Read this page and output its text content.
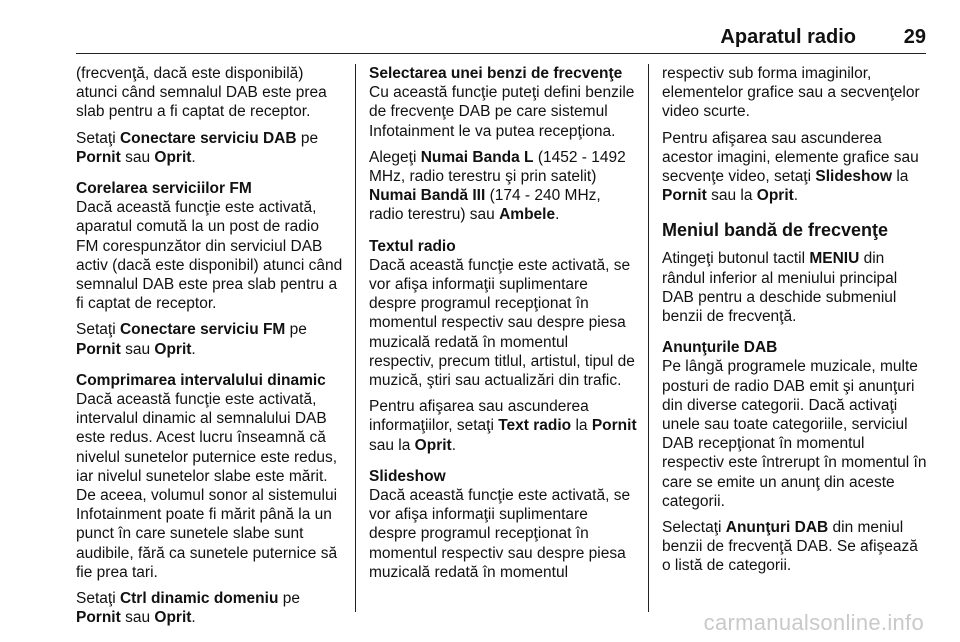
Aparatul radio 29

(frecvenţă, dacă este disponibilă) atunci când semnalul DAB este prea slab pentru a fi captat de receptor.

Setaţi Conectare serviciu DAB pe Pornit sau Oprit.

Corelarea serviciilor FM

Dacă această funcţie este activată, aparatul comută la un post de radio FM corespunzător din serviciul DAB activ (dacă este disponibil) atunci când semnalul DAB este prea slab pentru a fi captat de receptor.

Setaţi Conectare serviciu FM pe Pornit sau Oprit.

Comprimarea intervalului dinamic

Dacă această funcţie este activată, intervalul dinamic al semnalului DAB este redus. Acest lucru înseamnă că nivelul sunetelor puternice este redus, iar nivelul sunetelor slabe este mărit. De aceea, volumul sonor al sistemului Infotainment poate fi mărit până la un punct în care sunetele slabe sunt audibile, fără ca sunetele puternice să fie prea tari.

Setaţi Ctrl dinamic domeniu pe Pornit sau Oprit.

Selectarea unei benzi de frecvenţe

Cu această funcţie puteţi defini benzile de frecvenţe DAB pe care sistemul Infotainment le va putea recepţiona.

Alegeţi Numai Banda L (1452 - 1492 MHz, radio terestru şi prin satelit) Numai Bandă III (174 - 240 MHz, radio terestru) sau Ambele.

Textul radio

Dacă această funcţie este activată, se vor afişa informaţii suplimentare despre programul recepţionat în momentul respectiv sau despre piesa muzicală redată în momentul respectiv, precum titlul, artistul, tipul de muzică, ştiri sau actualizări din trafic.

Pentru afişarea sau ascunderea informaţiilor, setaţi Text radio la Pornit sau la Oprit.

Slideshow

Dacă această funcţie este activată, se vor afişa informaţii suplimentare despre programul recepţionat în momentul respectiv sau despre piesa muzicală redată în momentul

respectiv sub forma imaginilor, elementelor grafice sau a secvenţelor video scurte.

Pentru afişarea sau ascunderea acestor imagini, elemente grafice sau secvenţe video, setaţi Slideshow la Pornit sau la Oprit.

Meniul bandă de frecvenţe

Atingeţi butonul tactil MENIU din rândul inferior al meniului principal DAB pentru a deschide submeniul benzii de frecvenţă.

Anunţurile DAB

Pe lângă programele muzicale, multe posturi de radio DAB emit şi anunţuri din diverse categorii. Dacă activaţi unele sau toate categoriile, serviciul DAB recepţionat în momentul respectiv este întrerupt în momentul în care se emite un anunţ din aceste categorii.

Selectaţi Anunţuri DAB din meniul benzii de frecvenţă DAB. Se afişează o listă de categorii.

carmanualsonline.info
